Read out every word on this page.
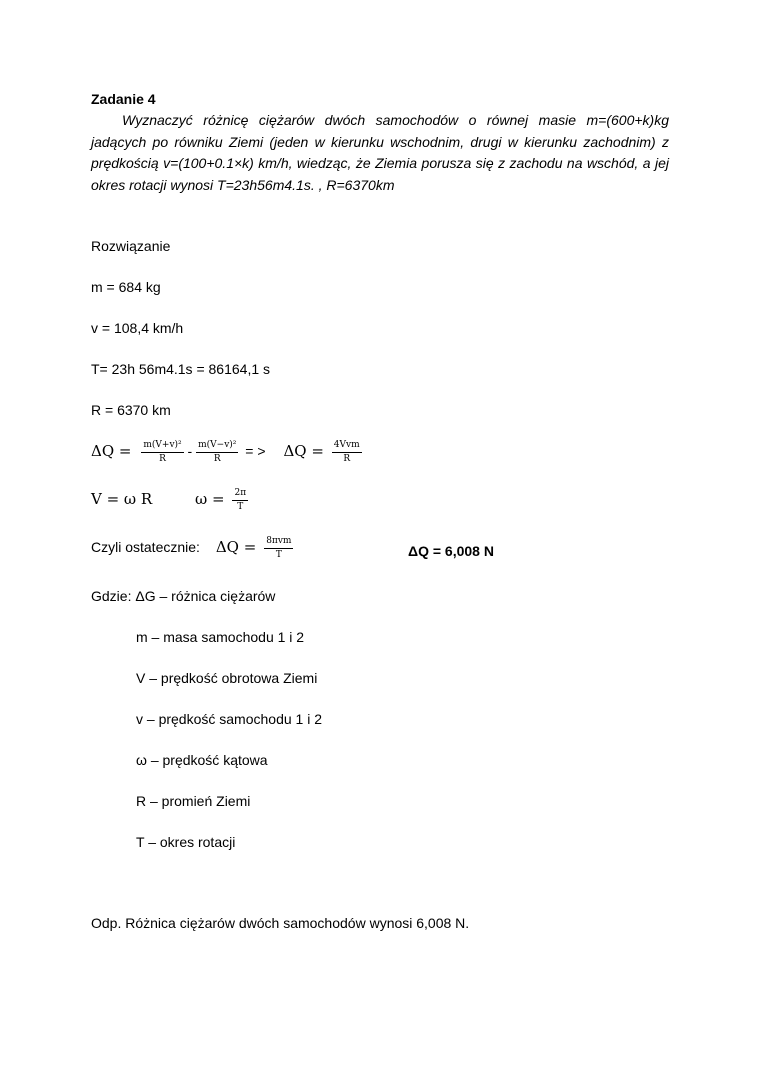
Zadanie 4
Wyznaczyć różnicę ciężarów dwóch samochodów o równej masie m=(600+k)kg jadących po równiku Ziemi (jeden w kierunku wschodnim, drugi w kierunku zachodnim) z prędkością v=(100+0.1×k) km/h, wiedząc, że Ziemia porusza się z zachodu na wschód, a jej okres rotacji wynosi T=23h56m4.1s. , R=6370km
Rozwiązanie
m = 684 kg
v = 108,4 km/h
T= 23h 56m4.1s = 86164,1 s
R = 6370 km
$\Delta Q = \frac{\text{m(V+v)²}}{R} - \frac{\text{m(V−v)²}}{R}$ = > $\Delta Q = \frac{\text{4Vvm}}{R}$
V = ω R	$\omega = \frac{2\pi}{T}$
Czyli ostatecznie: $\Delta Q = \frac{\text{8πvm}}{T}$	ΔQ = 6,008 N
Gdzie: ΔG – różnica ciężarów
m – masa samochodu 1 i 2
V – prędkość obrotowa Ziemi
v – prędkość samochodu 1 i 2
ω – prędkość kątowa
R – promień Ziemi
T – okres rotacji
Odp. Różnica ciężarów dwóch samochodów wynosi 6,008 N.
